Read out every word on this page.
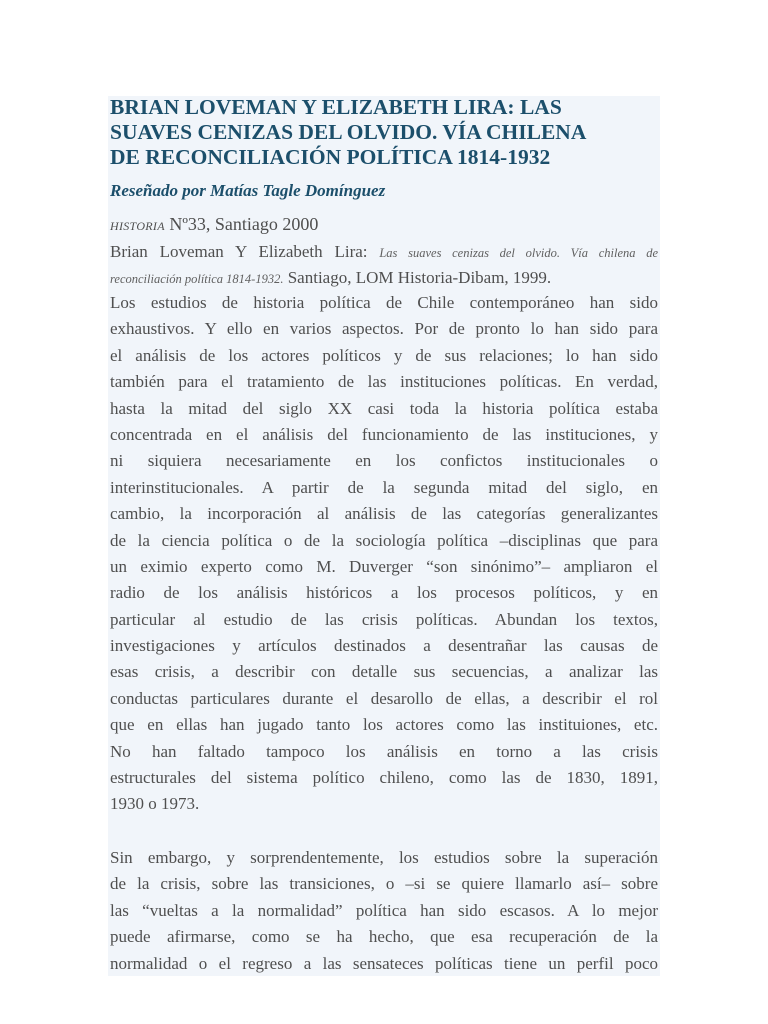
BRIAN LOVEMAN Y ELIZABETH LIRA: LAS
SUAVES CENIZAS DEL OLVIDO. VÍA CHILENA
DE RECONCILIACIÓN POLÍTICA 1814-1932

Reseñado por Matías Tagle Domínguez

HISTORIA Nº33, Santiago 2000

Brian Loveman Y Elizabeth Lira: Las suaves cenizas del olvido. Vía chilena de
reconciliación política 1814-1932. Santiago, LOM Historia-Dibam, 1999.

Los estudios de historia política de Chile contemporáneo han sido
exhaustivos. Y ello en varios aspectos. Por de pronto lo han sido para
el análisis de los actores políticos y de sus relaciones; lo han sido
también para el tratamiento de las instituciones políticas. En verdad,
hasta la mitad del siglo XX casi toda la historia política estaba
concentrada en el análisis del funcionamiento de las instituciones, y
ni siquiera necesariamente en los confictos institucionales o
interinstitucionales. A partir de la segunda mitad del siglo, en
cambio, la incorporación al análisis de las categorías generalizantes
de la ciencia política o de la sociología política –disciplinas que para
un eximio experto como M. Duverger “son sinónimo”– ampliaron el
radio de los análisis históricos a los procesos políticos, y en
particular al estudio de las crisis políticas. Abundan los textos,
investigaciones y artículos destinados a desentrañar las causas de
esas crisis, a describir con detalle sus secuencias, a analizar las
conductas particulares durante el desarollo de ellas, a describir el rol
que en ellas han jugado tanto los actores como las instituiones, etc.
No han faltado tampoco los análisis en torno a las crisis
estructurales del sistema político chileno, como las de 1830, 1891,
1930 o 1973.
Sin embargo, y sorprendentemente, los estudios sobre la superación
de la crisis, sobre las transiciones, o –si se quiere llamarlo así– sobre
las “vueltas a la normalidad” política han sido escasos. A lo mejor
puede afirmarse, como se ha hecho, que esa recuperación de la
normalidad o el regreso a las sensateces políticas tiene un perfil poco
